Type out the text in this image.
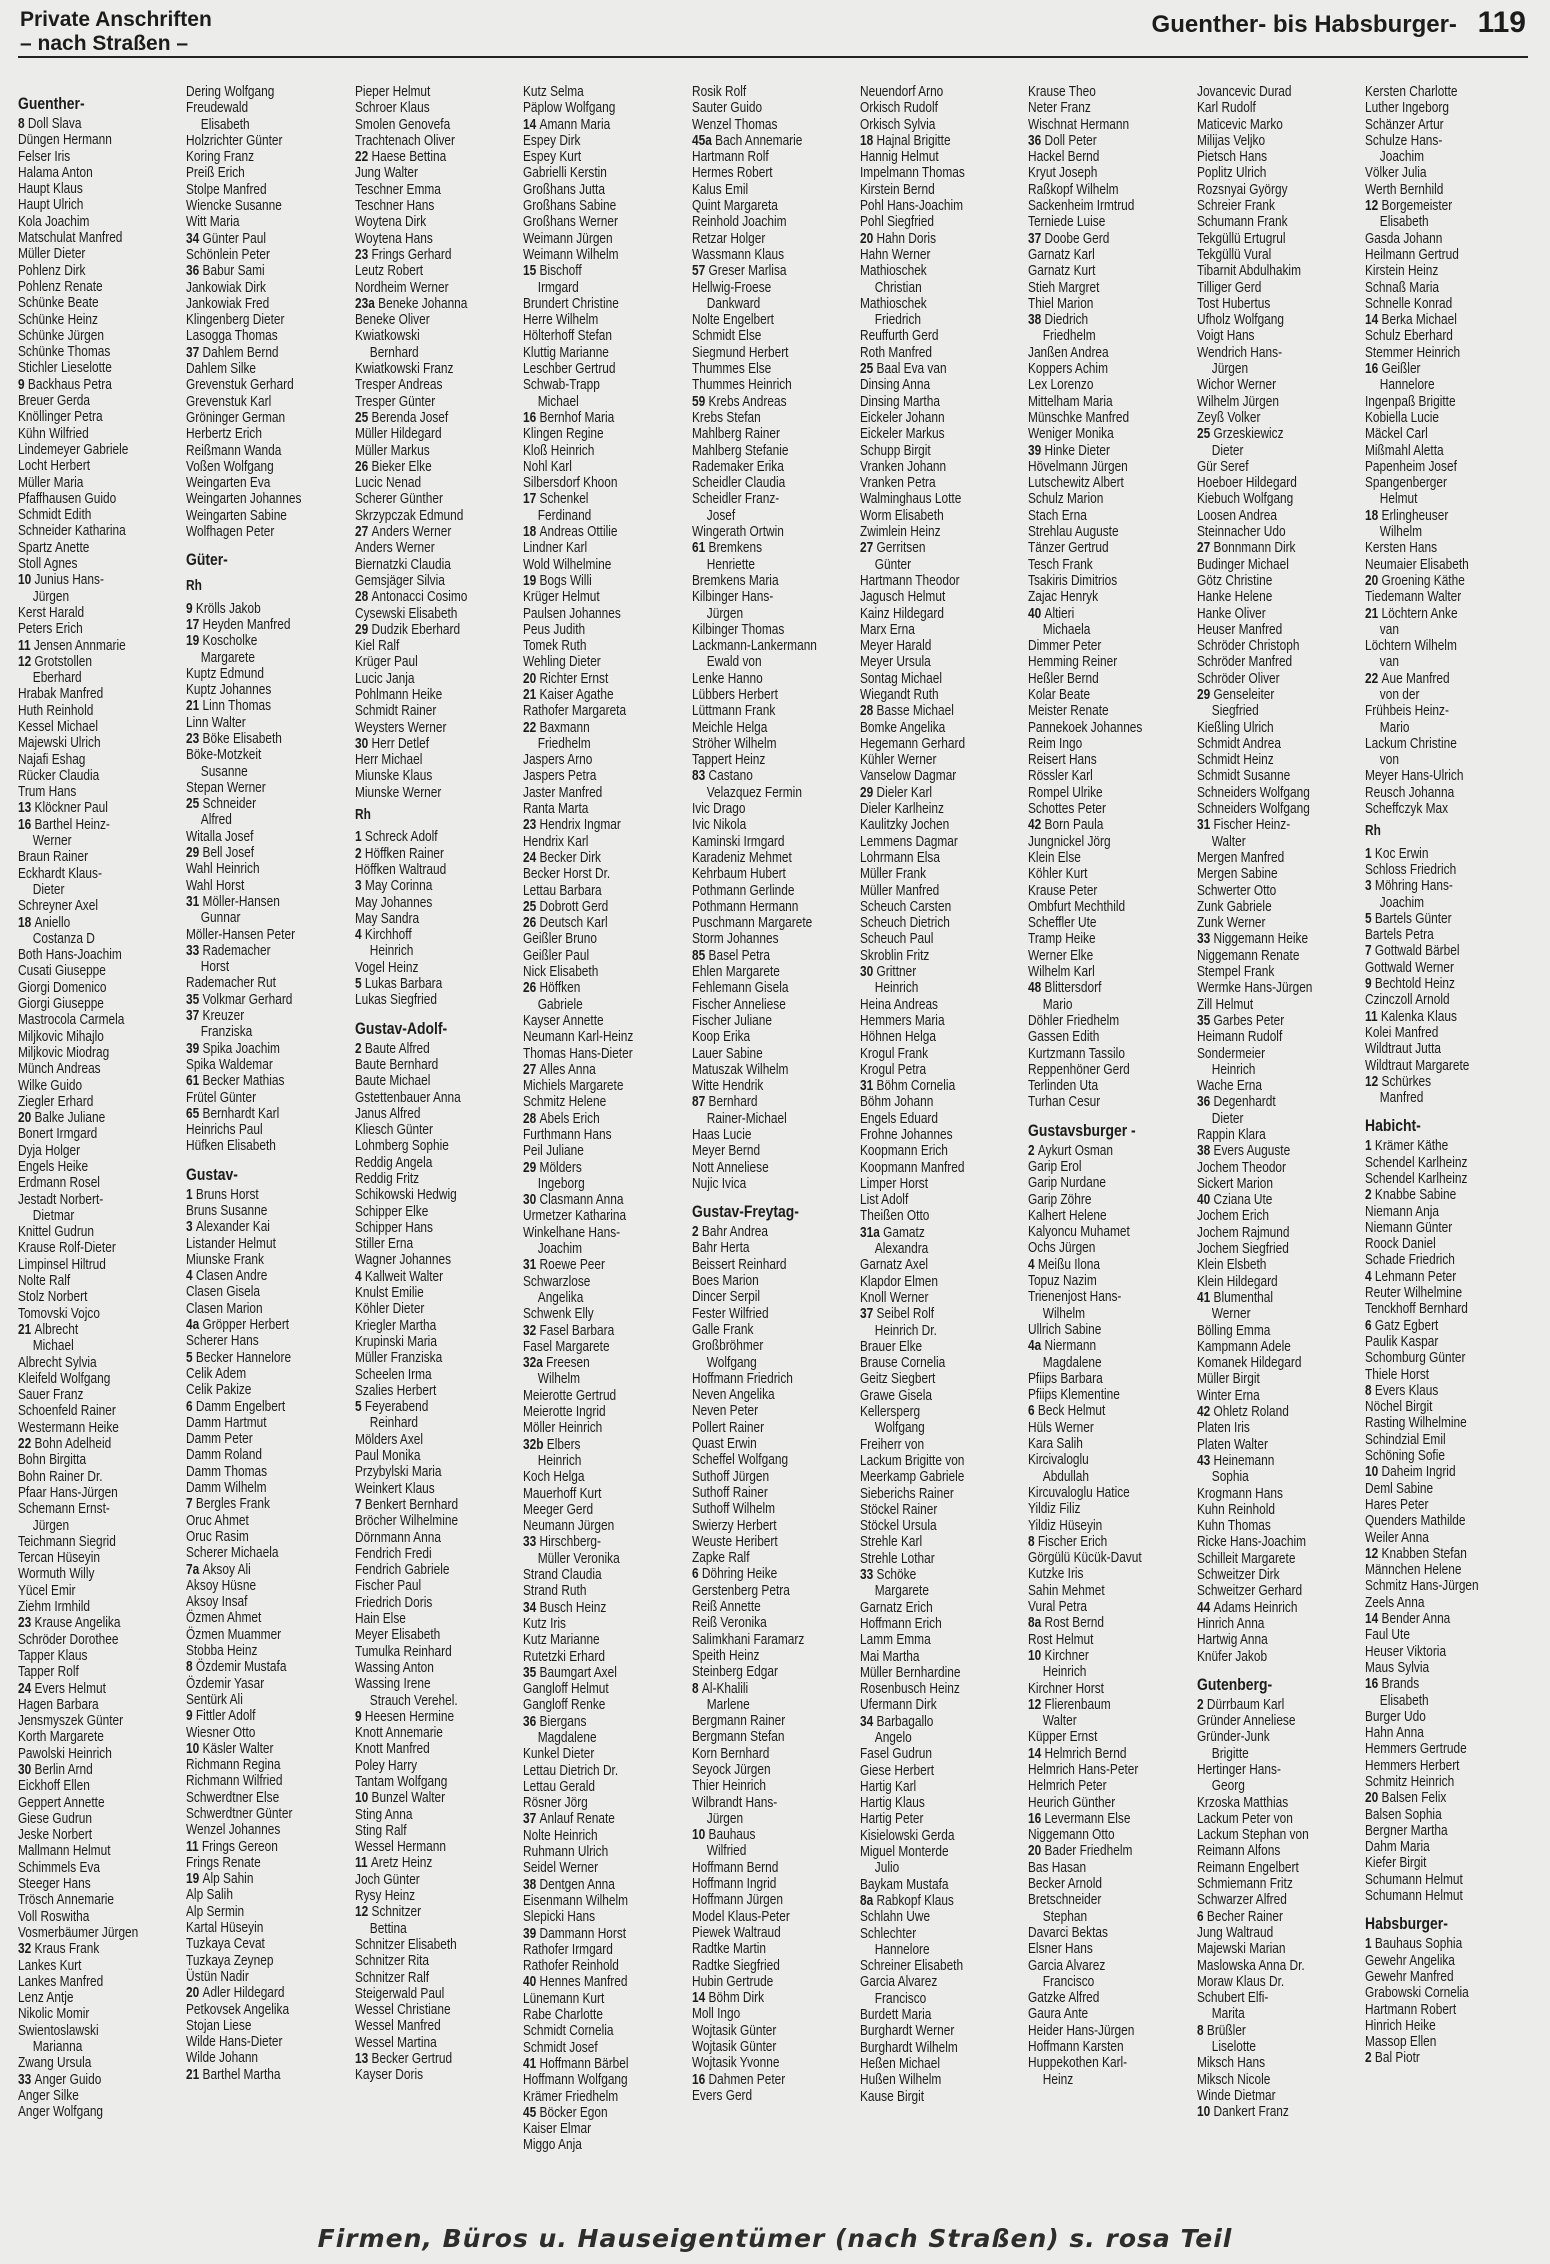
Private Anschriften
– nach Straßen –
Guenther- bis Habsburger- 119
Guenther-
8 Doll Slava
Düngen Hermann
Felser Iris
Halama Anton
Haupt Klaus
Haupt Ulrich
Kola Joachim
Matschulat Manfred
Müller Dieter
Pohlenz Dirk
Pohlenz Renate
Schünke Beate
Schünke Heinz
Schünke Jürgen
Schünke Thomas
Stichler Lieselotte
9 Backhaus Petra
Breuer Gerda
Knöllinger Petra
Kühn Wilfried
Lindemeyer Gabriele
Locht Herbert
Müller Maria
Pfaffhausen Guido
Schmidt Edith
Schneider Katharina
Spartz Anette
Stoll Agnes
10 Junius Hans-
Jürgen
Kerst Harald
Peters Erich
11 Jensen Annmarie
12 Grotstollen
Eberhard
Hrabak Manfred
Huth Reinhold
Kessel Michael
Majewski Ulrich
Najafi Eshag
Rücker Claudia
Trum Hans
13 Klöckner Paul
16 Barthel Heinz-
Werner
Braun Rainer
Eckhardt Klaus-
Dieter
Schreyner Axel
18 Aniello
Costanza D
Both Hans-Joachim
Cusati Giuseppe
Giorgi Domenico
Giorgi Giuseppe
Mastrocola Carmela
Miljkovic Mihajlo
Miljkovic Miodrag
Münch Andreas
Wilke Guido
Ziegler Erhard
20 Balke Juliane
Bonert Irmgard
Dyja Holger
Engels Heike
Erdmann Rosel
Jestadt Norbert-
Dietmar
Knittel Gudrun
Krause Rolf-Dieter
Limpinsel Hiltrud
Nolte Ralf
Stolz Norbert
Tomovski Vojco
21 Albrecht
Michael
Albrecht Sylvia
Kleifeld Wolfgang
Sauer Franz
Schoenfeld Rainer
Westermann Heike
22 Bohn Adelheid
Bohn Birgitta
Bohn Rainer Dr.
Pfaar Hans-Jürgen
Schemann Ernst-
Jürgen
Teichmann Siegrid
Tercan Hüseyin
Wormuth Willy
Yücel Emir
Ziehm Irmhild
23 Krause Angelika
Schröder Dorothee
Tapper Klaus
Tapper Rolf
24 Evers Helmut
Hagen Barbara
Jensmyszek Günter
Korth Margarete
Pawolski Heinrich
30 Berlin Arnd
Eickhoff Ellen
Geppert Annette
Giese Gudrun
Jeske Norbert
Mallmann Helmut
Schimmels Eva
Steeger Hans
Trösch Annemarie
Voll Roswitha
Vosmerbäumer Jürgen
32 Kraus Frank
Lankes Kurt
Lankes Manfred
Lenz Antje
Nikolic Momir
Swientoslawski
Marianna
Zwang Ursula
33 Anger Guido
Anger Silke
Anger Wolfgang
Dering Wolfgang
Freudewald
Elisabeth
Holzrichter Günter
Koring Franz
Preiß Erich
Stolpe Manfred
Wiencke Susanne
Witt Maria
34 Günter Paul
Schönlein Peter
36 Babur Sami
Jankowiak Dirk
Jankowiak Fred
Klingenberg Dieter
Lasogga Thomas
37 Dahlem Bernd
Dahlem Silke
Grevenstuk Gerhard
Grevenstuk Karl
Gröninger German
Herbertz Erich
Reißmann Wanda
Voßen Wolfgang
Weingarten Eva
Weingarten Johannes
Weingarten Sabine
Wolfhagen Peter
Güter-
Rh
9 Krölls Jakob
17 Heyden Manfred
19 Koscholke
Margarete
Kuptz Edmund
Kuptz Johannes
21 Linn Thomas
Linn Walter
23 Böke Elisabeth
Böke-Motzkeit
Susanne
Stepan Werner
25 Schneider
Alfred
Witalla Josef
29 Bell Josef
Wahl Heinrich
Wahl Horst
31 Möller-Hansen
Gunnar
Möller-Hansen Peter
33 Rademacher
Horst
Rademacher Rut
35 Volkmar Gerhard
37 Kreuzer
Franziska
39 Spika Joachim
Spika Waldemar
61 Becker Mathias
Frütel Günter
65 Bernhardt Karl
Heinrichs Paul
Hüfken Elisabeth
Gustav-
1 Bruns Horst
Bruns Susanne
3 Alexander Kai
Listander Helmut
Miunske Frank
4 Clasen Andre
Clasen Gisela
Clasen Marion
4a Gröpper Herbert
Scherer Hans
5 Becker Hannelore
Celik Adem
Celik Pakize
6 Damm Engelbert
Damm Hartmut
Damm Peter
Damm Roland
Damm Thomas
Damm Wilhelm
7 Bergles Frank
Oruc Ahmet
Oruc Rasim
Scherer Michaela
7a Aksoy Ali
Aksoy Hüsne
Aksoy Insaf
Özmen Ahmet
Özmen Muammer
Stobba Heinz
8 Özdemir Mustafa
Özdemir Yasar
Sentürk Ali
9 Fittler Adolf
Wiesner Otto
10 Käsler Walter
Richmann Regina
Richmann Wilfried
Schwerdtner Else
Schwerdtner Günter
Wenzel Johannes
11 Frings Gereon
Frings Renate
19 Alp Sahin
Alp Salih
Alp Sermin
Kartal Hüseyin
Tuzkaya Cevat
Tuzkaya Zeynep
Üstün Nadir
20 Adler Hildegard
Petkovsek Angelika
Stojan Liese
Wilde Hans-Dieter
Wilde Johann
21 Barthel Martha
Pieper Helmut
Schroer Klaus
Smolen Genovefa
Trachtenach Oliver
22 Haese Bettina
Jung Walter
Teschner Emma
Teschner Hans
Woytena Dirk
Woytena Hans
23 Frings Gerhard
Leutz Robert
Nordheim Werner
23a Beneke Johanna
Beneke Oliver
Kwiatkowski
Bernhard
Kwiatkowski Franz
Tresper Andreas
Tresper Günter
25 Berenda Josef
Müller Hildegard
Müller Markus
26 Bieker Elke
Lucic Nenad
Scherer Günther
Skrzypczak Edmund
27 Anders Werner
Anders Werner
Biernatzki Claudia
Gemsjäger Silvia
28 Antonacci Cosimo
Cysewski Elisabeth
29 Dudzik Eberhard
Kiel Ralf
Krüger Paul
Lucic Janja
Pohlmann Heike
Schmidt Rainer
Weysters Werner
30 Herr Detlef
Herr Michael
Miunske Klaus
Miunske Werner
Rh
1 Schreck Adolf
2 Höffken Rainer
Höffken Waltraud
3 May Corinna
May Johannes
May Sandra
4 Kirchhoff
Heinrich
Vogel Heinz
5 Lukas Barbara
Lukas Siegfried
Gustav-Adolf-
2 Baute Alfred
Baute Bernhard
Baute Michael
Gstettenbauer Anna
Janus Alfred
Kliesch Günter
Lohmberg Sophie
Reddig Angela
Reddig Fritz
Schikowski Hedwig
Schipper Elke
Schipper Hans
Stiller Erna
Wagner Johannes
4 Kallweit Walter
Knulst Emilie
Köhler Dieter
Kriegler Martha
Krupinski Maria
Müller Franziska
Scheelen Irma
Szalies Herbert
5 Feyerabend
Reinhard
Mölders Axel
Paul Monika
Przybylski Maria
Weinkert Klaus
7 Benkert Bernhard
Bröcher Wilhelmine
Dörnmann Anna
Fendrich Fredi
Fendrich Gabriele
Fischer Paul
Friedrich Doris
Hain Else
Meyer Elisabeth
Tumulka Reinhard
Wassing Anton
Wassing Irene
Strauch Verehel.
9 Heesen Hermine
Knott Annemarie
Knott Manfred
Poley Harry
Tantam Wolfgang
10 Bunzel Walter
Sting Anna
Sting Ralf
Wessel Hermann
11 Aretz Heinz
Joch Günter
Rysy Heinz
12 Schnitzer
Bettina
Schnitzer Elisabeth
Schnitzer Rita
Schnitzer Ralf
Steigerwald Paul
Wessel Christiane
Wessel Manfred
Wessel Martina
13 Becker Gertrud
Kayser Doris
Kutz Selma
Päplow Wolfgang
14 Amann Maria
Espey Dirk
Espey Kurt
Gabrielli Kerstin
Großhans Jutta
Großhans Sabine
Großhans Werner
Weimann Jürgen
Weimann Wilhelm
15 Bischoff
Irmgard
Brundert Christine
Herre Wilhelm
Hölterhoff Stefan
Kluttig Marianne
Leschber Gertrud
Schwab-Trapp
Michael
16 Bernhof Maria
Klingen Regine
Kloß Heinrich
Nohl Karl
Silbersdorf Khoon
17 Schenkel
Ferdinand
18 Andreas Ottilie
Lindner Karl
Wold Wilhelmine
19 Bogs Willi
Krüger Helmut
Paulsen Johannes
Peus Judith
Tomek Ruth
Wehling Dieter
20 Richter Ernst
21 Kaiser Agathe
Rathofer Margareta
22 Baxmann
Friedhelm
Jaspers Arno
Jaspers Petra
Jaster Manfred
Ranta Marta
23 Hendrix Ingmar
Hendrix Karl
24 Becker Dirk
Becker Horst Dr.
Lettau Barbara
25 Dobrott Gerd
26 Deutsch Karl
Geißler Bruno
Geißler Paul
Nick Elisabeth
26 Höffken
Gabriele
Kayser Annette
Neumann Karl-Heinz
Thomas Hans-Dieter
27 Alles Anna
Michiels Margarete
Schmitz Helene
28 Abels Erich
Furthmann Hans
Peil Juliane
29 Mölders
Ingeborg
30 Clasmann Anna
Urmetzer Katharina
Winkelhane Hans-
Joachim
31 Roewe Peer
Schwarzlose
Angelika
Schwenk Elly
32 Fasel Barbara
Fasel Margarete
32a Freesen
Wilhelm
Meierotte Gertrud
Meierotte Ingrid
Möller Heinrich
32b Elbers
Heinrich
Koch Helga
Mauerhoff Kurt
Meeger Gerd
Neumann Jürgen
33 Hirschberg-
Müller Veronika
Strand Claudia
Strand Ruth
34 Busch Heinz
Kutz Iris
Kutz Marianne
Rutetzki Erhard
35 Baumgart Axel
Gangloff Helmut
Gangloff Renke
36 Biergans
Magdalene
Kunkel Dieter
Lettau Dietrich Dr.
Lettau Gerald
Rösner Jörg
37 Anlauf Renate
Nolte Heinrich
Ruhmann Ulrich
Seidel Werner
38 Dentgen Anna
Eisenmann Wilhelm
Slepicki Hans
39 Dammann Horst
Rathofer Irmgard
Rathofer Reinhold
40 Hennes Manfred
Lünemann Kurt
Rabe Charlotte
Schmidt Cornelia
Schmidt Josef
41 Hoffmann Bärbel
Hoffmann Wolfgang
Krämer Friedhelm
45 Böcker Egon
Kaiser Elmar
Miggo Anja
Rosik Rolf
Sauter Guido
Wenzel Thomas
45a Bach Annemarie
Hartmann Rolf
Hermes Robert
Kalus Emil
Quint Margareta
Reinhold Joachim
Retzar Holger
Wassmann Klaus
57 Greser Marlisa
Hellwig-Froese
Dankward
Nolte Engelbert
Schmidt Else
Siegmund Herbert
Thummes Else
Thummes Heinrich
59 Krebs Andreas
Krebs Stefan
Mahlberg Rainer
Mahlberg Stefanie
Rademaker Erika
Scheidler Claudia
Scheidler Franz-
Josef
Wingerath Ortwin
61 Bremkens
Henriette
Bremkens Maria
Kilbinger Hans-
Jürgen
Kilbinger Thomas
Lackmann-Lankermann
Ewald von
Lenke Hanno
Lübbers Herbert
Lüttmann Frank
Meichle Helga
Ströher Wilhelm
Tappert Heinz
83 Castano
Velazquez Fermin
Ivic Drago
Ivic Nikola
Kaminski Irmgard
Karadeniz Mehmet
Kehrbaum Hubert
Pothmann Gerlinde
Pothmann Hermann
Puschmann Margarete
Storm Johannes
85 Basel Petra
Ehlen Margarete
Fehlemann Gisela
Fischer Anneliese
Fischer Juliane
Koop Erika
Lauer Sabine
Matuszak Wilhelm
Witte Hendrik
87 Bernhard
Rainer-Michael
Haas Lucie
Meyer Bernd
Nott Anneliese
Nujic Ivica
Gustav-Freytag-
2 Bahr Andrea
Bahr Herta
Beissert Reinhard
Boes Marion
Dincer Serpil
Fester Wilfried
Galle Frank
Großbröhmer
Wolfgang
Hoffmann Friedrich
Neven Angelika
Neven Peter
Pollert Rainer
Quast Erwin
Scheffel Wolfgang
Suthoff Jürgen
Suthoff Rainer
Suthoff Wilhelm
Swierzy Herbert
Weuste Heribert
Zapke Ralf
6 Döhring Heike
Gerstenberg Petra
Reiß Annette
Reiß Veronika
Salimkhani Faramarz
Speith Heinz
Steinberg Edgar
8 Al-Khalili
Marlene
Bergmann Rainer
Bergmann Stefan
Korn Bernhard
Seyock Jürgen
Thier Heinrich
Wilbrandt Hans-
Jürgen
10 Bauhaus
Wilfried
Hoffmann Bernd
Hoffmann Ingrid
Hoffmann Jürgen
Model Klaus-Peter
Piewek Waltraud
Radtke Martin
Radtke Siegfried
Hubin Gertrude
14 Böhm Dirk
Moll Ingo
Wojtasik Günter
Wojtasik Günter
Wojtasik Yvonne
16 Dahmen Peter
Evers Gerd
Neuendorf Arno
Orkisch Rudolf
Orkisch Sylvia
18 Hajnal Brigitte
Hannig Helmut
Impelmann Thomas
Kirstein Bernd
Pohl Hans-Joachim
Pohl Siegfried
20 Hahn Doris
Hahn Werner
Mathioschek
Christian
Mathioschek
Friedrich
Reuffurth Gerd
Roth Manfred
25 Baal Eva van
Dinsing Anna
Dinsing Martha
Eickeler Johann
Eickeler Markus
Schupp Birgit
Vranken Johann
Vranken Petra
Walminghaus Lotte
Worm Elisabeth
Zwimlein Heinz
27 Gerritsen
Günter
Hartmann Theodor
Jagusch Helmut
Kainz Hildegard
Marx Erna
Meyer Harald
Meyer Ursula
Sontag Michael
Wiegandt Ruth
28 Basse Michael
Bomke Angelika
Hegemann Gerhard
Kühler Werner
Vanselow Dagmar
29 Dieler Karl
Dieler Karlheinz
Kaulitzky Jochen
Lemmens Dagmar
Lohrmann Elsa
Müller Frank
Müller Manfred
Scheuch Carsten
Scheuch Dietrich
Scheuch Paul
Skroblin Fritz
30 Grittner
Heinrich
Heina Andreas
Hemmers Maria
Höhnen Helga
Krogul Frank
Krogul Petra
31 Böhm Cornelia
Böhm Johann
Engels Eduard
Frohne Johannes
Koopmann Erich
Koopmann Manfred
Limper Horst
List Adolf
Theißen Otto
31a Gamatz
Alexandra
Garnatz Axel
Klapdor Elmen
Knoll Werner
37 Seibel Rolf
Heinrich Dr.
Brauer Elke
Brause Cornelia
Geitz Siegbert
Grawe Gisela
Kellersperg
Wolfgang
Freiherr von
Lackum Brigitte von
Meerkamp Gabriele
Sieberichs Rainer
Stöckel Rainer
Stöckel Ursula
Strehle Karl
Strehle Lothar
33 Schöke
Margarete
Garnatz Erich
Hoffmann Erich
Lamm Emma
Mai Martha
Müller Bernhardine
Rosenbusch Heinz
Ufermann Dirk
34 Barbagallo
Angelo
Fasel Gudrun
Giese Herbert
Hartig Karl
Hartig Klaus
Hartig Peter
Kisielowski Gerda
Miguel Monterde
Julio
Baykam Mustafa
8a Rabkopf Klaus
Schlahn Uwe
Schlechter
Hannelore
Schreiner Elisabeth
Garcia Alvarez
Francisco
Burdett Maria
Burghardt Werner
Burghardt Wilhelm
Heßen Michael
Hußen Wilhelm
Kause Birgit
Krause Theo
Neter Franz
Wischnat Hermann
36 Doll Peter
Hackel Bernd
Kryut Joseph
Raßkopf Wilhelm
Sackenheim Irmtrud
Terniede Luise
37 Doobe Gerd
Garnatz Karl
Garnatz Kurt
Stieh Margret
Thiel Marion
38 Diedrich
Friedhelm
Janßen Andrea
Koppers Achim
Lex Lorenzo
Mittelham Maria
Münschke Manfred
Weniger Monika
39 Hinke Dieter
Hövelmann Jürgen
Lutschewitz Albert
Schulz Marion
Stach Erna
Strehlau Auguste
Tänzer Gertrud
Tesch Frank
Tsakiris Dimitrios
Zajac Henryk
40 Altieri
Michaela
Dimmer Peter
Hemming Reiner
Heßler Bernd
Kolar Beate
Meister Renate
Pannekoek Johannes
Reim Ingo
Reisert Hans
Rössler Karl
Rompel Ulrike
Schottes Peter
42 Born Paula
Jungnickel Jörg
Klein Else
Köhler Kurt
Krause Peter
Ombfurt Mechthild
Scheffler Ute
Tramp Heike
Werner Elke
Wilhelm Karl
48 Blittersdorf
Mario
Döhler Friedhelm
Gassen Edith
Kurtzmann Tassilo
Reppenhöner Gerd
Terlinden Uta
Turhan Cesur
Gustavsburger -
2 Aykurt Osman
Garip Erol
Garip Nurdane
Garip Zöhre
Kalhert Helene
Kalyoncu Muhamet
Ochs Jürgen
4 Meißu Ilona
Topuz Nazim
Trienenjost Hans-
Wilhelm
Ullrich Sabine
4a Niermann
Magdalene
Pfiips Barbara
Pfiips Klementine
6 Beck Helmut
Hüls Werner
Kara Salih
Kircivaloglu
Abdullah
Kircuvaloglu Hatice
Yildiz Filiz
Yildiz Hüseyin
8 Fischer Erich
Görgülü Kücük-Davut
Kutzke Iris
Sahin Mehmet
Vural Petra
8a Rost Bernd
Rost Helmut
10 Kirchner
Heinrich
Kirchner Horst
12 Flierenbaum
Walter
Küpper Ernst
14 Helmrich Bernd
Helmrich Hans-Peter
Helmrich Peter
Heurich Günther
16 Levermann Else
Niggemann Otto
20 Bader Friedhelm
Bas Hasan
Becker Arnold
Bretschneider
Stephan
Davarci Bektas
Elsner Hans
Garcia Alvarez
Francisco
Gatzke Alfred
Gaura Ante
Heider Hans-Jürgen
Hoffmann Karsten
Huppekothen Karl-
Heinz
Jovancevic Durad
Karl Rudolf
Maticevic Marko
Milijas Veljko
Pietsch Hans
Poplitz Ulrich
Rozsnyai György
Schreier Frank
Schumann Frank
Tekgüllü Ertugrul
Tekgüllü Vural
Tibarnit Abdulhakim
Tilliger Gerd
Tost Hubertus
Ufholz Wolfgang
Voigt Hans
Wendrich Hans-
Jürgen
Wichor Werner
Wilhelm Jürgen
Zeyß Volker
25 Grzeskiewicz
Dieter
Gür Seref
Hoeboer Hildegard
Kiebuch Wolfgang
Loosen Andrea
Steinnacher Udo
27 Bonnmann Dirk
Budinger Michael
Götz Christine
Hanke Helene
Hanke Oliver
Heuser Manfred
Schröder Christoph
Schröder Manfred
Schröder Oliver
29 Genseleiter
Siegfried
Kießling Ulrich
Schmidt Andrea
Schmidt Heinz
Schmidt Susanne
Schneiders Wolfgang
Schneiders Wolfgang
31 Fischer Heinz-
Walter
Mergen Manfred
Mergen Sabine
Schwerter Otto
Zunk Gabriele
Zunk Werner
33 Niggemann Heike
Niggemann Renate
Stempel Frank
Wermke Hans-Jürgen
Zill Helmut
35 Garbes Peter
Heimann Rudolf
Sondermeier
Heinrich
Wache Erna
36 Degenhardt
Dieter
Rappin Klara
38 Evers Auguste
Jochem Theodor
Sickert Marion
40 Cziana Ute
Jochem Erich
Jochem Rajmund
Jochem Siegfried
Klein Elsbeth
Klein Hildegard
41 Blumenthal
Werner
Bölling Emma
Kampmann Adele
Komanek Hildegard
Müller Birgit
Winter Erna
42 Ohletz Roland
Platen Iris
Platen Walter
43 Heinemann
Sophia
Krogmann Hans
Kuhn Reinhold
Kuhn Thomas
Ricke Hans-Joachim
Schilleit Margarete
Schweitzer Dirk
Schweitzer Gerhard
44 Adams Heinrich
Hinrich Anna
Hartwig Anna
Knüfer Jakob
Gutenberg-
2 Dürrbaum Karl
Gründer Anneliese
Gründer-Junk
Brigitte
Hertinger Hans-
Georg
Krzoska Matthias
Lackum Peter von
Lackum Stephan von
Reimann Alfons
Reimann Engelbert
Schmiemann Fritz
Schwarzer Alfred
6 Becher Rainer
Jung Waltraud
Majewski Marian
Maslowska Anna Dr.
Moraw Klaus Dr.
Schubert Elfi-
Marita
8 Brüßler
Liselotte
Miksch Hans
Miksch Nicole
Winde Dietmar
10 Dankert Franz
Kersten Charlotte
Luther Ingeborg
Schänzer Artur
Schulze Hans-
Joachim
Völker Julia
Werth Bernhild
12 Borgemeister
Elisabeth
Gasda Johann
Heilmann Gertrud
Kirstein Heinz
Schnaß Maria
Schnelle Konrad
14 Berka Michael
Schulz Eberhard
Stemmer Heinrich
16 Geißler
Hannelore
Ingenpaß Brigitte
Kobiella Lucie
Mäckel Carl
Mißmahl Aletta
Papenheim Josef
Spangenberger
Helmut
18 Erlingheuser
Wilhelm
Kersten Hans
Neumaier Elisabeth
20 Groening Käthe
Tiedemann Walter
21 Löchtern Anke
van
Löchtern Wilhelm
van
22 Aue Manfred
von der
Frühbeis Heinz-
Mario
Lackum Christine
von
Meyer Hans-Ulrich
Reusch Johanna
Scheffczyk Max
Rh
1 Koc Erwin
Schloss Friedrich
3 Möhring Hans-
Joachim
5 Bartels Günter
Bartels Petra
7 Gottwald Bärbel
Gottwald Werner
9 Bechtold Heinz
Czinczoll Arnold
11 Kalenka Klaus
Kolei Manfred
Wildtraut Jutta
Wildtraut Margarete
12 Schürkes
Manfred
Habicht-
1 Krämer Käthe
Schendel Karlheinz
Schendel Karlheinz
2 Knabbe Sabine
Niemann Anja
Niemann Günter
Roock Daniel
Schade Friedrich
4 Lehmann Peter
Reuter Wilhelmine
Tenckhoff Bernhard
6 Gatz Egbert
Paulik Kaspar
Schomburg Günter
Thiele Horst
8 Evers Klaus
Nöchel Birgit
Rasting Wilhelmine
Schindzial Emil
Schöning Sofie
10 Daheim Ingrid
Deml Sabine
Hares Peter
Quenders Mathilde
Weiler Anna
12 Knabben Stefan
Männchen Helene
Schmitz Hans-Jürgen
Zeels Anna
14 Bender Anna
Faul Ute
Heuser Viktoria
Maus Sylvia
16 Brands
Elisabeth
Burger Udo
Hahn Anna
Hemmers Gertrude
Hemmers Herbert
Schmitz Heinrich
20 Balsen Felix
Balsen Sophia
Bergner Martha
Dahm Maria
Kiefer Birgit
Schumann Helmut
Schumann Helmut
Habsburger-
1 Bauhaus Sophia
Gewehr Angelika
Gewehr Manfred
Grabowski Cornelia
Hartmann Robert
Hinrich Heike
Massop Ellen
2 Bal Piotr
Firmen, Büros u. Hauseigentümer (nach Straßen) s. rosa Teil
